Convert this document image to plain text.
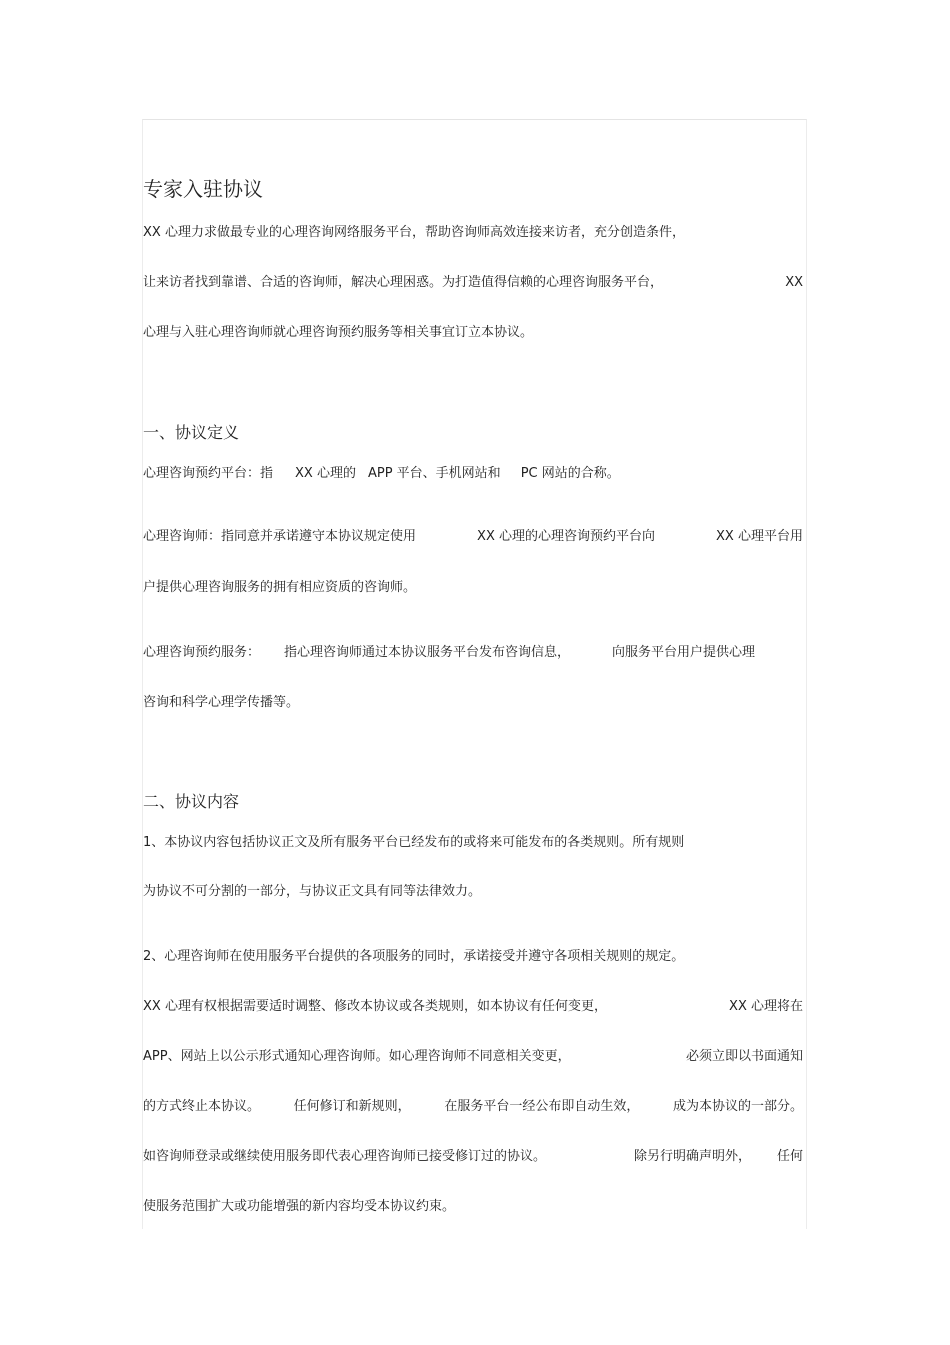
专家入驻协议
XX 心理力求做最专业的心理咨询网络服务平台，帮助咨询师高效连接来访者，充分创造条件，
让来访者找到靠谱、合适的咨询师，解决心理困惑。为打造值得信赖的心理咨询服务平台，	XX
心理与入驻心理咨询师就心理咨询预约服务等相关事宜订立本协议。
一、协议定义
心理咨询预约平台：指 XX 心理的 APP 平台、手机网站和 PC 网站的合称。
心理咨询师：指同意并承诺遵守本协议规定使用	XX 心理的心理咨询预约平台向	XX 心理平台用
户提供心理咨询服务的拥有相应资质的咨询师。
心理咨询预约服务： 指心理咨询师通过本协议服务平台发布咨询信息，	向服务平台用户提供心理
咨询和科学心理学传播等。
二、协议内容
1、本协议内容包括协议正文及所有服务平台已经发布的或将来可能发布的各类规则。所有规则
为协议不可分割的一部分，与协议正文具有同等法律效力。
2、心理咨询师在使用服务平台提供的各项服务的同时，承诺接受并遵守各项相关规则的规定。
XX 心理有权根据需要适时调整、修改本协议或各类规则，如本协议有任何变更，	XX 心理将在
APP、网站上以公示形式通知心理咨询师。如心理咨询师不同意相关变更，	必须立即以书面通知
的方式终止本协议。	任何修订和新规则，	在服务平台一经公布即自动生效，	成为本协议的一部分。
如咨询师登录或继续使用服务即代表心理咨询师已接受修订过的协议。	除另行明确声明外， 任何
使服务范围扩大或功能增强的新内容均受本协议约束。
